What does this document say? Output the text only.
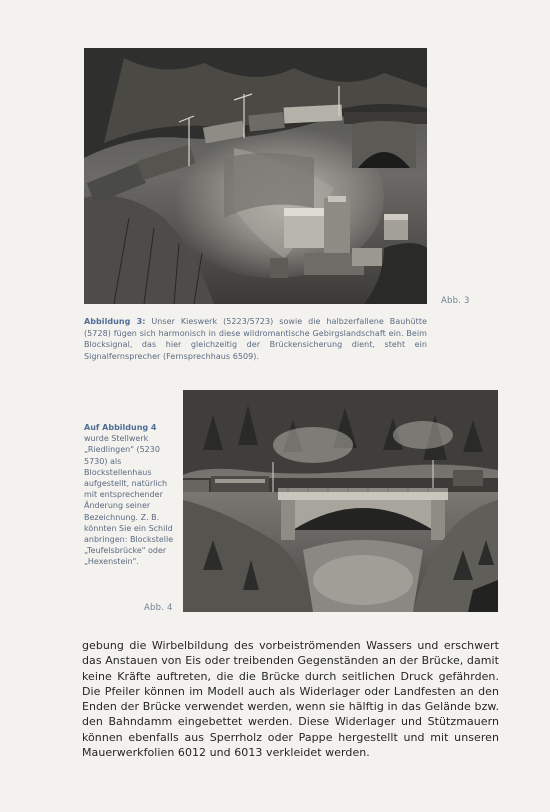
Abb. 3
Abbildung 3: Unser Kieswerk (5223/5723) sowie die halbzerfallene Bauhütte (5728) fügen sich harmonisch in diese wildromantische Gebirgslandschaft ein. Beim Blocksignal, das hier gleichzeitig der Brückensicherung dient, steht ein Signalfernsprecher (Fernsprechhaus 6509).
Auf Abbildung 4
wurde Stellwerk „Riedlingen" (5230 5730) als Blockstellenhaus aufgestellt, natürlich mit entsprechender Änderung seiner Bezeichnung. Z. B. könnten Sie ein Schild anbringen: Blockstelle „Teufelsbrücke" oder „Hexenstein".
Abb. 4
gebung die Wirbelbildung des vorbeiströmenden Wassers und erschwert das Anstauen von Eis oder treibenden Gegenständen an der Brücke, damit keine Kräfte auftreten, die die Brücke durch seitlichen Druck gefährden. Die Pfeiler können im Modell auch als Widerlager oder Landfesten an den Enden der Brücke verwendet werden, wenn sie hälftig in das Gelände bzw. den Bahndamm eingebettet werden. Diese Widerlager und Stützmauern können ebenfalls aus Sperrholz oder Pappe hergestellt und mit unseren Mauerwerkfolien 6012 und 6013 verkleidet werden.
